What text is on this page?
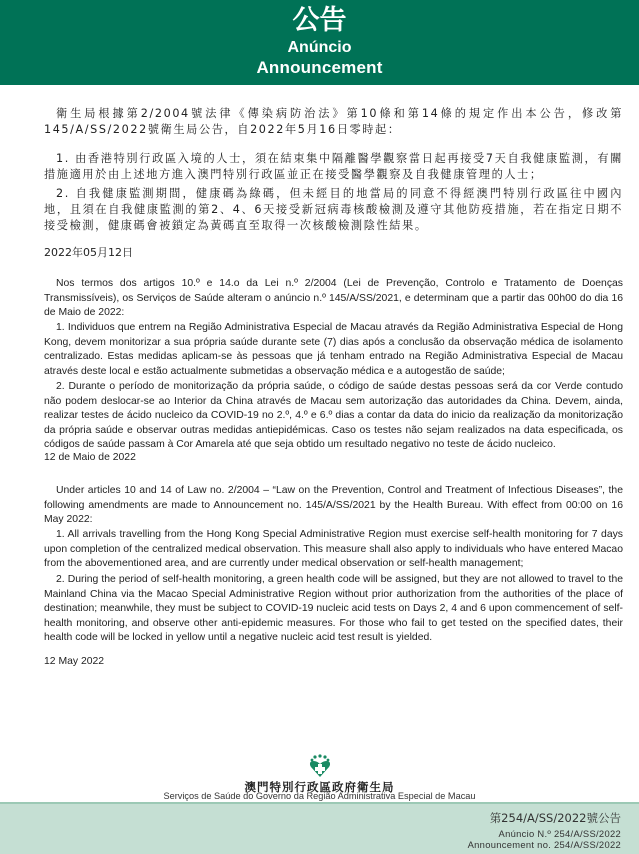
公告
Anúncio
Announcement
衛生局根據第2/2004號法律《傳染病防治法》第10條和第14條的規定作出本公告，修改第145/A/SS/2022號衛生局公告，自2022年5月16日零時起：
1. 由香港特別行政區入境的人士，須在結束集中隔離醫學觀察當日起再接受7天自我健康監測，有關措施適用於由上述地方進入澳門特別行政區並正在接受醫學觀察及自我健康管理的人士；
2. 自我健康監測期間，健康碼為綠碼，但未經目的地當局的同意不得經澳門特別行政區往中國內地，且須在自我健康監測的第2、4、6天接受新冠病毒核酸檢測及遵守其他防疫措施，若在指定日期不接受檢測，健康碼會被鎖定為黃碼直至取得一次核酸檢測陰性結果。
2022年05月12日
Nos termos dos artigos 10.º e 14.o da Lei n.º 2/2004 (Lei de Prevenção, Controlo e Tratamento de Doenças Transmissíveis), os Serviços de Saúde alteram o anúncio n.º 145/A/SS/2021, e determinam que a partir das 00h00 do dia 16 de Maio de 2022:
1. Individuos que entrem na Região Administrativa Especial de Macau através da Região Administrativa Especial de Hong Kong, devem monitorizar a sua própria saúde durante sete (7) dias após a conclusão da observação médica de isolamento centralizado. Estas medidas aplicam-se às pessoas que já tenham entrado na Região Administrativa Especial de Macau através deste local e estão actualmente submetidas a observação médica e a autogestão de saúde;
2. Durante o período de monitorização da própria saúde, o código de saúde destas pessoas será da cor Verde contudo não podem deslocar-se ao Interior da China através de Macau sem autorização das autoridades da China. Devem, ainda, realizar testes de ácido nucleico da COVID-19 no 2.º, 4.º e 6.º dias a contar da data do inicio da realização da monitorização da própria saúde e observar outras medidas antiepidémicas. Caso os testes não sejam realizados na data especificada, os códigos de saúde passam à Cor Amarela até que seja obtido um resultado negativo no teste de ácido nucleico.
12 de Maio de 2022
Under articles 10 and 14 of Law no. 2/2004 – “Law on the Prevention, Control and Treatment of Infectious Diseases”, the following amendments are made to Announcement no. 145/A/SS/2021 by the Health Bureau. With effect from 00:00 on 16 May 2022:
1. All arrivals travelling from the Hong Kong Special Administrative Region must exercise self-health monitoring for 7 days upon completion of the centralized medical observation. This measure shall also apply to individuals who have entered Macao from the abovementioned area, and are currently under medical observation or self-health management;
2. During the period of self-health monitoring, a green health code will be assigned, but they are not allowed to travel to the Mainland China via the Macao Special Administrative Region without prior authorization from the authorities of the place of destination; meanwhile, they must be subject to COVID-19 nucleic acid tests on Days 2, 4 and 6 upon commencement of self-health monitoring, and observe other anti-epidemic measures. For those who fail to get tested on the specified dates, their health code will be locked in yellow until a negative nucleic acid test result is yielded.
12 May 2022
澳門特別行政區政府衛生局
Serviços de Saúde do Governo da Região Administrativa Especial de Macau
第254/A/SS/2022號公告
Anúncio N.º 254/A/SS/2022
Announcement no. 254/A/SS/2022
